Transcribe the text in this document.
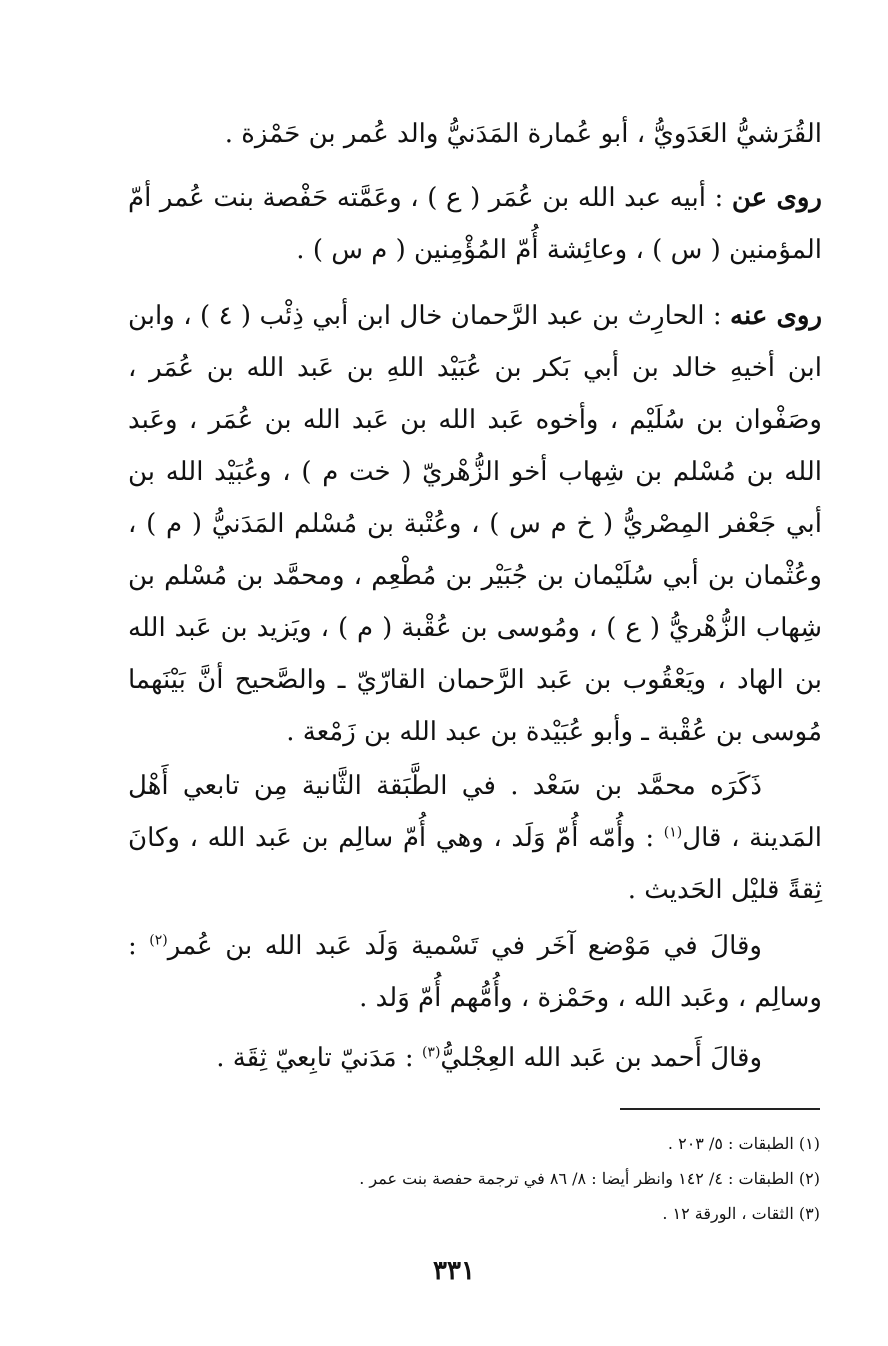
القُرَشيُّ العَدَويُّ ، أبو عُمارة المَدَنيُّ والد عُمر بن حَمْزة .

روى عن : أبيه عبد الله بن عُمَر ( ع ) ، وعَمَّته حَفْصة بنت عُمر أمّ المؤمنين ( س ) ، وعائِشة أُمّ المُؤْمِنين ( م س ) .

روى عنه : الحارِث بن عبد الرَّحمان خال ابن أبي ذِئْب ( ٤ ) ، وابن ابن أخيهِ خالد بن أبي بَكر بن عُبَيْد اللهِ بن عَبد الله بن عُمَر ، وصَفْوان بن سُلَيْم ، وأخوه عَبد الله بن عَبد الله بن عُمَر ، وعَبد الله بن مُسْلم بن شِهاب أخو الزُّهْريّ ( خت م ) ، وعُبَيْد الله بن أبي جَعْفر المِصْريُّ ( خ م س ) ، وعُتْبة بن مُسْلم المَدَنيُّ ( م ) ، وعُثْمان بن أبي سُلَيْمان بن جُبَيْر بن مُطْعِم ، ومحمَّد بن مُسْلم بن شِهاب الزُّهْريُّ ( ع ) ، ومُوسى بن عُقْبة ( م ) ، ويَزيد بن عَبد الله بن الهاد ، ويَعْقُوب بن عَبد الرَّحمان القارّيّ ـ والصَّحيح أنَّ بَيْنَهما مُوسى بن عُقْبة ـ وأبو عُبَيْدة بن عبد الله بن زَمْعة .

ذَكَرَه محمَّد بن سَعْد . في الطَّبَقة الثَّانية مِن تابعي أَهْل المَدينة ، قال$^{(١)}$ : وأُمّه أُمّ وَلَد ، وهي أُمّ سالِم بن عَبد الله ، وكانَ ثِقةً قليْل الحَديث .

وقالَ في مَوْضع آخَر في تَسْمية وَلَد عَبد الله بن عُمر$^{(٢)}$ : وسالِم ، وعَبد الله ، وحَمْزة ، وأُمُّهم أُمّ وَلد .

وقالَ أَحمد بن عَبد الله العِجْليُّ$^{(٣)}$ : مَدَنيّ تابِعيّ ثِقَة .

(١) الطبقات : ٥/ ٢٠٣ .
(٢) الطبقات : ٤/ ١٤٢ وانظر أيضا : ٨/ ٨٦ في ترجمة حفصة بنت عمر .
(٣) الثقات ، الورقة ١٢ .
٣٣١
